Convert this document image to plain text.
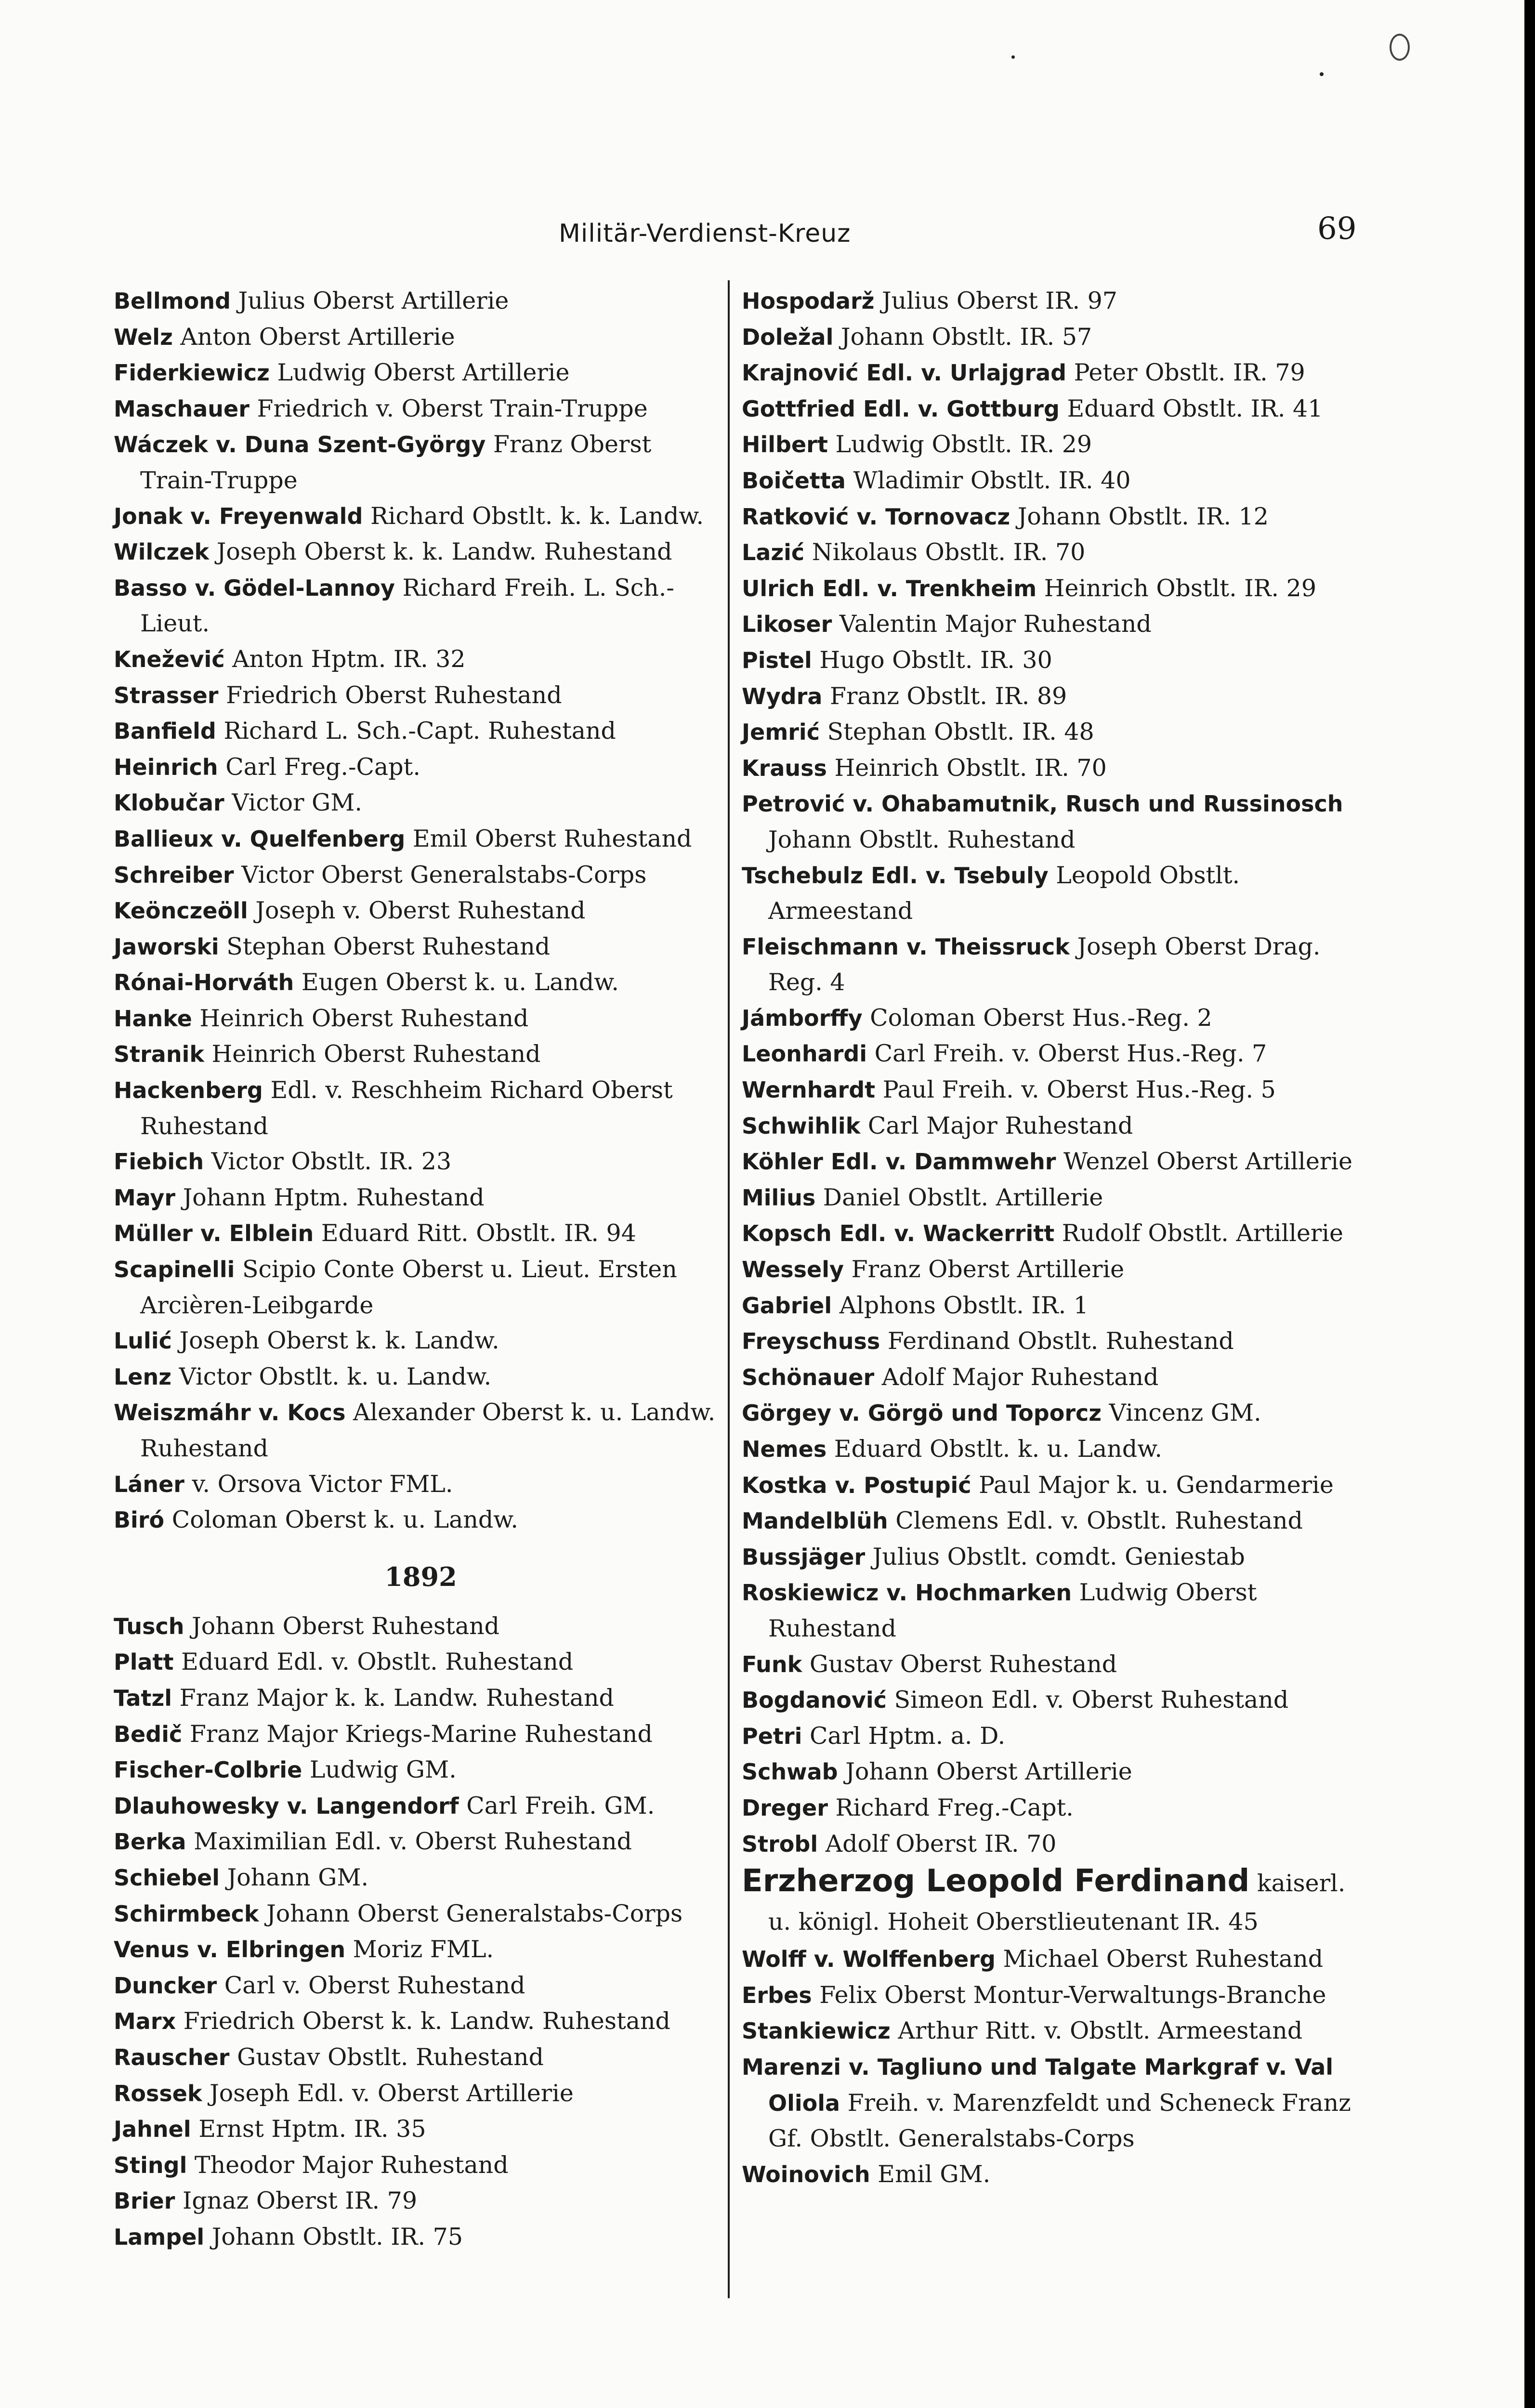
Militär-Verdienst-Kreuz	69

Bellmond Julius Oberst Artillerie

Welz Anton Oberst Artillerie

Fiderkiewicz Ludwig Oberst Artillerie

Maschauer Friedrich v. Oberst Train-Truppe

Wáczek v. Duna Szent-György Franz Oberst Train-Truppe

Jonak v. Freyenwald Richard Obstlt. k. k. Landw.

Wilczek Joseph Oberst k. k. Landw. Ruhestand

Basso v. Gödel-Lannoy Richard Freih. L. Sch.-Lieut.

Knežević Anton Hptm. IR. 32

Strasser Friedrich Oberst Ruhestand

Banfield Richard L. Sch.-Capt. Ruhestand

Heinrich Carl Freg.-Capt.

Klobučar Victor GM.

Ballieux v. Quelfenberg Emil Oberst Ruhestand

Schreiber Victor Oberst Generalstabs-Corps

Keönczeöll Joseph v. Oberst Ruhestand

Jaworski Stephan Oberst Ruhestand

Rónai-Horváth Eugen Oberst k. u. Landw.

Hanke Heinrich Oberst Ruhestand

Stranik Heinrich Oberst Ruhestand

Hackenberg Edl. v. Reschheim Richard Oberst Ruhestand

Fiebich Victor Obstlt. IR. 23

Mayr Johann Hptm. Ruhestand

Müller v. Elblein Eduard Ritt. Obstlt. IR. 94

Scapinelli Scipio Conte Oberst u. Lieut. Ersten Arcièren-Leibgarde

Lulić Joseph Oberst k. k. Landw.

Lenz Victor Obstlt. k. u. Landw.

Weiszmáhr v. Kocs Alexander Oberst k. u. Landw. Ruhestand

Láner v. Orsova Victor FML.

Biró Coloman Oberst k. u. Landw.

1892

Tusch Johann Oberst Ruhestand

Platt Eduard Edl. v. Obstlt. Ruhestand

Tatzl Franz Major k. k. Landw. Ruhestand

Bedič Franz Major Kriegs-Marine Ruhestand

Fischer-Colbrie Ludwig GM.

Dlauhowesky v. Langendorf Carl Freih. GM.

Berka Maximilian Edl. v. Oberst Ruhestand

Schiebel Johann GM.

Schirmbeck Johann Oberst Generalstabs-Corps

Venus v. Elbringen Moriz FML.

Duncker Carl v. Oberst Ruhestand

Marx Friedrich Oberst k. k. Landw. Ruhestand

Rauscher Gustav Obstlt. Ruhestand

Rossek Joseph Edl. v. Oberst Artillerie

Jahnel Ernst Hptm. IR. 35

Stingl Theodor Major Ruhestand

Brier Ignaz Oberst IR. 79

Lampel Johann Obstlt. IR. 75

Hospodarž Julius Oberst IR. 97

Doležal Johann Obstlt. IR. 57

Krajnović Edl. v. Urlajgrad Peter Obstlt. IR. 79

Gottfried Edl. v. Gottburg Eduard Obstlt. IR. 41

Hilbert Ludwig Obstlt. IR. 29

Boičetta Wladimir Obstlt. IR. 40

Ratković v. Tornovacz Johann Obstlt. IR. 12

Lazić Nikolaus Obstlt. IR. 70

Ulrich Edl. v. Trenkheim Heinrich Obstlt. IR. 29

Likoser Valentin Major Ruhestand

Pistel Hugo Obstlt. IR. 30

Wydra Franz Obstlt. IR. 89

Jemrić Stephan Obstlt. IR. 48

Krauss Heinrich Obstlt. IR. 70

Petrović v. Ohabamutnik, Rusch und Russinosch Johann Obstlt. Ruhestand

Tschebulz Edl. v. Tsebuly Leopold Obstlt. Armeestand

Fleischmann v. Theissruck Joseph Oberst Drag. Reg. 4

Jámborffy Coloman Oberst Hus.-Reg. 2

Leonhardi Carl Freih. v. Oberst Hus.-Reg. 7

Wernhardt Paul Freih. v. Oberst Hus.-Reg. 5

Schwihlik Carl Major Ruhestand

Köhler Edl. v. Dammwehr Wenzel Oberst Artillerie

Milius Daniel Obstlt. Artillerie

Kopsch Edl. v. Wackerritt Rudolf Obstlt. Artillerie

Wessely Franz Oberst Artillerie

Gabriel Alphons Obstlt. IR. 1

Freyschuss Ferdinand Obstlt. Ruhestand

Schönauer Adolf Major Ruhestand

Görgey v. Görgö und Toporcz Vincenz GM.

Nemes Eduard Obstlt. k. u. Landw.

Kostka v. Postupić Paul Major k. u. Gendarmerie

Mandelblüh Clemens Edl. v. Obstlt. Ruhestand

Bussjäger Julius Obstlt. comdt. Geniestab

Roskiewicz v. Hochmarken Ludwig Oberst Ruhestand

Funk Gustav Oberst Ruhestand

Bogdanović Simeon Edl. v. Oberst Ruhestand

Petri Carl Hptm. a. D.

Schwab Johann Oberst Artillerie

Dreger Richard Freg.-Capt.

Strobl Adolf Oberst IR. 70

Erzherzog Leopold Ferdinand kaiserl. u. königl. Hoheit Oberstlieutenant IR. 45

Wolff v. Wolffenberg Michael Oberst Ruhestand

Erbes Felix Oberst Montur-Verwaltungs-Branche

Stankiewicz Arthur Ritt. v. Obstlt. Armeestand

Marenzi v. Tagliuno und Talgate Markgraf v. Val Oliola Freih. v. Marenzfeldt und Scheneck Franz Gf. Obstlt. Generalstabs-Corps

Woinovich Emil GM.
